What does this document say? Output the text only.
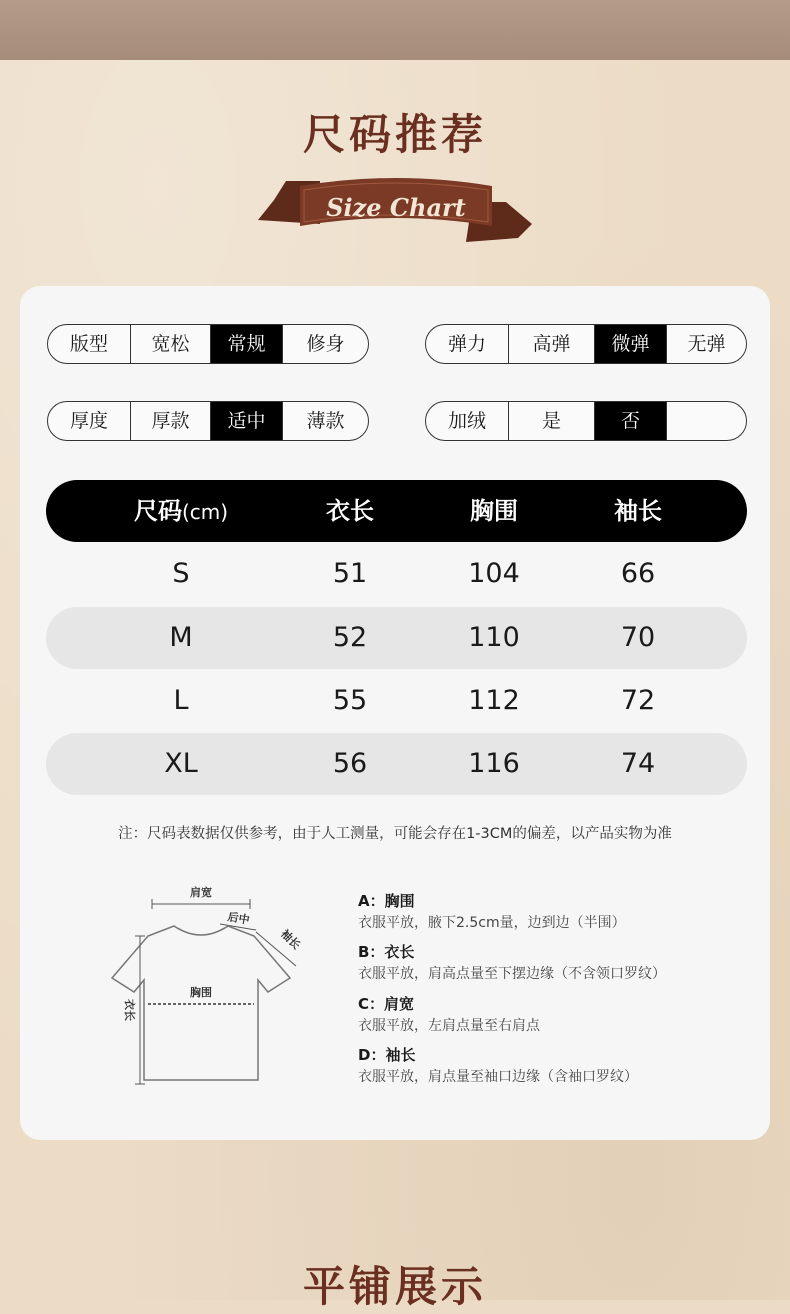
尺码推荐
Size Chart
版型	宽松	常规	修身	弹力	高弹	微弹	无弹
厚度	厚款	适中	薄款	加绒	是	否
尺码(cm)	衣长	胸围	袖长
S	51	104	66
M	52	110	70
L	55	112	72
XL	56	116	74
注：尺码表数据仅供参考，由于人工测量，可能会存在1-3CM的偏差，以产品实物为准
肩宽
后中
袖长
胸围
衣长
A：胸围
衣服平放，腋下2.5cm量，边到边（半围）
B：衣长
衣服平放，肩高点量至下摆边缘（不含领口罗纹）
C：肩宽
衣服平放，左肩点量至右肩点
D：袖长
衣服平放，肩点量至袖口边缘（含袖口罗纹）
平铺展示
